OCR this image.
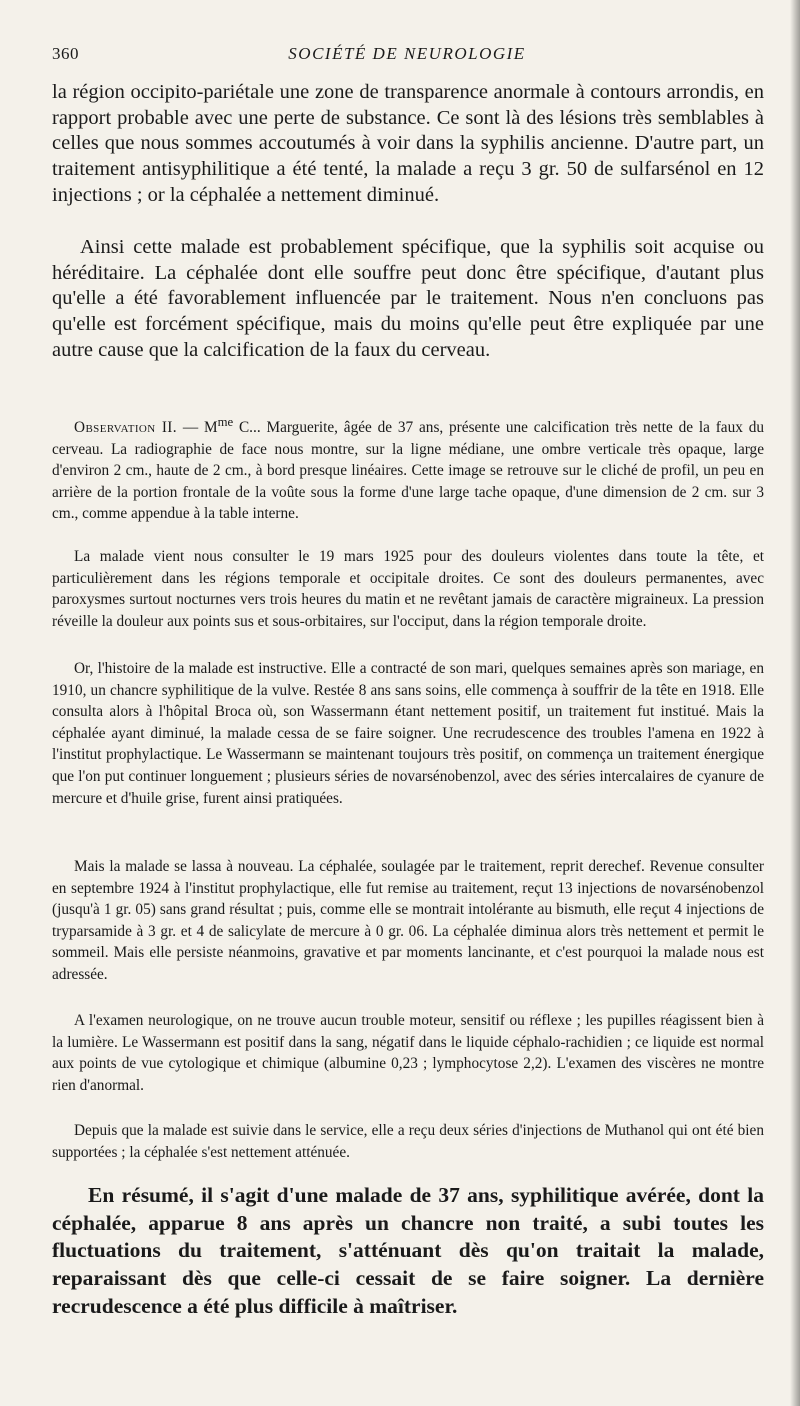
360	SOCIÉTÉ DE NEUROLOGIE

la région occipito-pariétale une zone de transparence anormale à contours arrondis, en rapport probable avec une perte de substance. Ce sont là des lésions très semblables à celles que nous sommes accoutumés à voir dans la syphilis ancienne. D'autre part, un traitement antisyphilitique a été tenté, la malade a reçu 3 gr. 50 de sulfarsénol en 12 injections ; or la céphalée a nettement diminué.

Ainsi cette malade est probablement spécifique, que la syphilis soit acquise ou héréditaire. La céphalée dont elle souffre peut donc être spécifique, d'autant plus qu'elle a été favorablement influencée par le traitement. Nous n'en concluons pas qu'elle est forcément spécifique, mais du moins qu'elle peut être expliquée par une autre cause que la calcification de la faux du cerveau.

Observation II. — $M^{me}$ C... Marguerite, âgée de 37 ans, présente une calcification très nette de la faux du cerveau. La radiographie de face nous montre, sur la ligne médiane, une ombre verticale très opaque, large d'environ 2 cm., haute de 2 cm., à bord presque linéaires. Cette image se retrouve sur le cliché de profil, un peu en arrière de la portion frontale de la voûte sous la forme d'une large tache opaque, d'une dimension de 2 cm. sur 3 cm., comme appendue à la table interne.

La malade vient nous consulter le 19 mars 1925 pour des douleurs violentes dans toute la tête, et particulièrement dans les régions temporale et occipitale droites. Ce sont des douleurs permanentes, avec paroxysmes surtout nocturnes vers trois heures du matin et ne revêtant jamais de caractère migraineux. La pression réveille la douleur aux points sus et sous-orbitaires, sur l'occiput, dans la région temporale droite.

Or, l'histoire de la malade est instructive. Elle a contracté de son mari, quelques semaines après son mariage, en 1910, un chancre syphilitique de la vulve. Restée 8 ans sans soins, elle commença à souffrir de la tête en 1918. Elle consulta alors à l'hôpital Broca où, son Wassermann étant nettement positif, un traitement fut institué. Mais la céphalée ayant diminué, la malade cessa de se faire soigner. Une recrudescence des troubles l'amena en 1922 à l'institut prophylactique. Le Wassermann se maintenant toujours très positif, on commença un traitement énergique que l'on put continuer longuement ; plusieurs séries de novarsénobenzol, avec des séries intercalaires de cyanure de mercure et d'huile grise, furent ainsi pratiquées.

Mais la malade se lassa à nouveau. La céphalée, soulagée par le traitement, reprit derechef. Revenue consulter en septembre 1924 à l'institut prophylactique, elle fut remise au traitement, reçut 13 injections de novarsénobenzol (jusqu'à 1 gr. 05) sans grand résultat ; puis, comme elle se montrait intolérante au bismuth, elle reçut 4 injections de tryparsamide à 3 gr. et 4 de salicylate de mercure à 0 gr. 06. La céphalée diminua alors très nettement et permit le sommeil. Mais elle persiste néanmoins, gravative et par moments lancinante, et c'est pourquoi la malade nous est adressée.

A l'examen neurologique, on ne trouve aucun trouble moteur, sensitif ou réflexe ; les pupilles réagissent bien à la lumière. Le Wassermann est positif dans la sang, négatif dans le liquide céphalo-rachidien ; ce liquide est normal aux points de vue cytologique et chimique (albumine 0,23 ; lymphocytose 2,2). L'examen des viscères ne montre rien d'anormal.

Depuis que la malade est suivie dans le service, elle a reçu deux séries d'injections de Muthanol qui ont été bien supportées ; la céphalée s'est nettement atténuée.

En résumé, il s'agit d'une malade de 37 ans, syphilitique avérée, dont la céphalée, apparue 8 ans après un chancre non traité, a subi toutes les fluctuations du traitement, s'atténuant dès qu'on traitait la malade, reparaissant dès que celle-ci cessait de se faire soigner. La dernière recrudescence a été plus difficile à maîtriser.
